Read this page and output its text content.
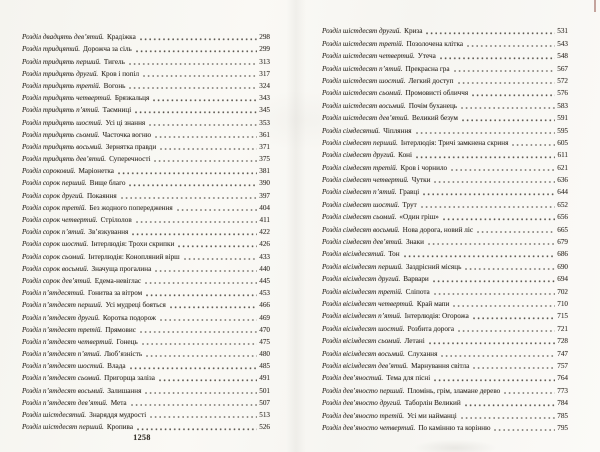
Розділ двадцять дев’ятий. Крадіжка	298
Розділ тридцятий. Дорожча за сіль	299
Розділ тридцять перший. Тигель	313
Розділ тридцять другий. Кров і попіл	317
Розділ тридцять третій. Вогонь	324
Розділ тридцять четвертий. Брязкальця	343
Розділ тридцять п’ятий. Таємниці	345
Розділ тридцять шостий. Усі ці знання	353
Розділ тридцять сьомий. Часточка вогню	361
Розділ тридцять восьмий. Зернятка правди	371
Розділ тридцять дев’ятий. Суперечності	375
Розділ сороковий. Маріонетка	381
Розділ сорок перший. Вище благо	390
Розділ сорок другий. Покаяння	397
Розділ сорок третій. Без жодного попередження	404
Розділ сорок четвертий. Стрілолов	411
Розділ сорок п’ятий. Зв’язкування	422
Розділ сорок шостий. Інтерлюдія: Трохи скрипки	426
Розділ сорок сьомий. Інтерлюдія: Конопляний вірш	433
Розділ сорок восьмий. Значуща прогалина	440
Розділ сорок дев’ятий. Едема-невіглас	445
Розділ п’ятдесятий. Гонитва за вітром	453
Розділ п’ятдесят перший. Усі мудреці бояться	466
Розділ п’ятдесят другий. Коротка подорож	469
Розділ п’ятдесят третій. Прямовис	470
Розділ п’ятдесят четвертий. Гонець	475
Розділ п’ятдесят п’ятий. Люб’язність	480
Розділ п’ятдесят шостий. Влада	485
Розділ п’ятдесят сьомий. Пригорща заліза	491
Розділ п’ятдесят восьмий. Залишання	501
Розділ п’ятдесят дев’ятий. Мета	507
Розділ шістдесятий. Знаряддя мудрості	513
Розділ шістдесят перший. Кропива	526
1258
Розділ шістдесят другий. Криза	531
Розділ шістдесят третій. Позолочена клітка	543
Розділ шістдесят четвертий. Утеча	548
Розділ шістдесят п’ятий. Прекрасна гра	567
Розділ шістдесят шостий. Легкий доступ	572
Розділ шістдесят сьомий. Промовисті обличчя	576
Розділ шістдесят восьмий. Почім буханець	583
Розділ шістдесят дев’ятий. Великий безум	591
Розділ сімдесятий. Чіпляння	595
Розділ сімдесят перший. Інтерлюдія: Тричі замкнена скриня	605
Розділ сімдесят другий. Коні	611
Розділ сімдесят третій. Кров і чорнило	621
Розділ сімдесят четвертий. Чутки	636
Розділ сімдесят п’ятий. Гравці	644
Розділ сімдесят шостий. Трут	652
Розділ сімдесят сьомий. «Один гріш»	656
Розділ сімдесят восьмий. Нова дорога, новий ліс	665
Розділ сімдесят дев’ятий. Знаки	679
Розділ вісімдесятий. Тон	686
Розділ вісімдесят перший. Заздрісний місяць	690
Розділ вісімдесят другий. Варвари	694
Розділ вісімдесят третій. Сліпота	702
Розділ вісімдесят четвертий. Край мапи	710
Розділ вісімдесят п’ятий. Інтерлюдія: Огорожа	715
Розділ вісімдесят шостий. Розбита дорога	721
Розділ вісімдесят сьомий. Летані	728
Розділ вісімдесят восьмий. Слухання	747
Розділ вісімдесят дев’ятий. Марнування світла	757
Розділ дев’яностий. Тема для пісні	764
Розділ дев’яносто перший. Пломінь, грім, зламане дерево	773
Розділ дев’яносто другий. Таборлін Великий	784
Розділ дев’яносто третій. Усі ми найманці	785
Розділ дев’яносто четвертий. По камінню та корінню	795
